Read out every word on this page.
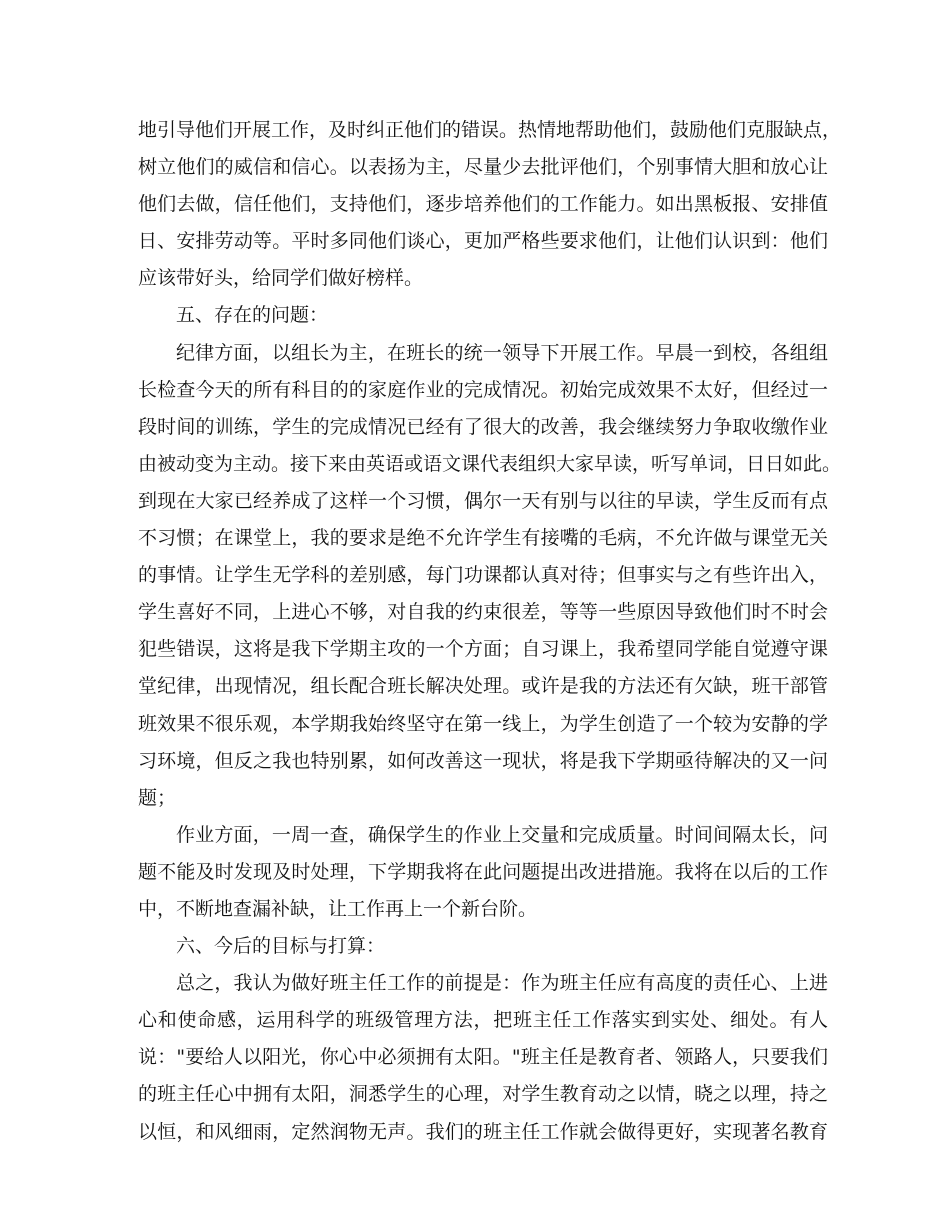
地引导他们开展工作，及时纠正他们的错误。热情地帮助他们，鼓励他们克服缺点，
树立他们的威信和信心。以表扬为主，尽量少去批评他们，个别事情大胆和放心让
他们去做，信任他们，支持他们，逐步培养他们的工作能力。如出黑板报、安排值
日、安排劳动等。平时多同他们谈心，更加严格些要求他们，让他们认识到：他们
应该带好头，给同学们做好榜样。
五、存在的问题：
纪律方面，以组长为主，在班长的统一领导下开展工作。早晨一到校，各组组
长检查今天的所有科目的的家庭作业的完成情况。初始完成效果不太好，但经过一
段时间的训练，学生的完成情况已经有了很大的改善，我会继续努力争取收缴作业
由被动变为主动。接下来由英语或语文课代表组织大家早读，听写单词，日日如此。
到现在大家已经养成了这样一个习惯，偶尔一天有别与以往的早读，学生反而有点
不习惯；在课堂上，我的要求是绝不允许学生有接嘴的毛病，不允许做与课堂无关
的事情。让学生无学科的差别感，每门功课都认真对待；但事实与之有些许出入，
学生喜好不同，上进心不够，对自我的约束很差，等等一些原因导致他们时不时会
犯些错误，这将是我下学期主攻的一个方面；自习课上，我希望同学能自觉遵守课
堂纪律，出现情况，组长配合班长解决处理。或许是我的方法还有欠缺，班干部管
班效果不很乐观，本学期我始终坚守在第一线上，为学生创造了一个较为安静的学
习环境，但反之我也特别累，如何改善这一现状，将是我下学期亟待解决的又一问
题；
作业方面，一周一查，确保学生的作业上交量和完成质量。时间间隔太长，问
题不能及时发现及时处理，下学期我将在此问题提出改进措施。我将在以后的工作
中，不断地查漏补缺，让工作再上一个新台阶。
六、今后的目标与打算：
总之，我认为做好班主任工作的前提是：作为班主任应有高度的责任心、上进
心和使命感，运用科学的班级管理方法，把班主任工作落实到实处、细处。有人
说："要给人以阳光，你心中必须拥有太阳。"班主任是教育者、领路人，只要我们
的班主任心中拥有太阳，洞悉学生的心理，对学生教育动之以情，晓之以理，持之
以恒，和风细雨，定然润物无声。我们的班主任工作就会做得更好，实现著名教育
